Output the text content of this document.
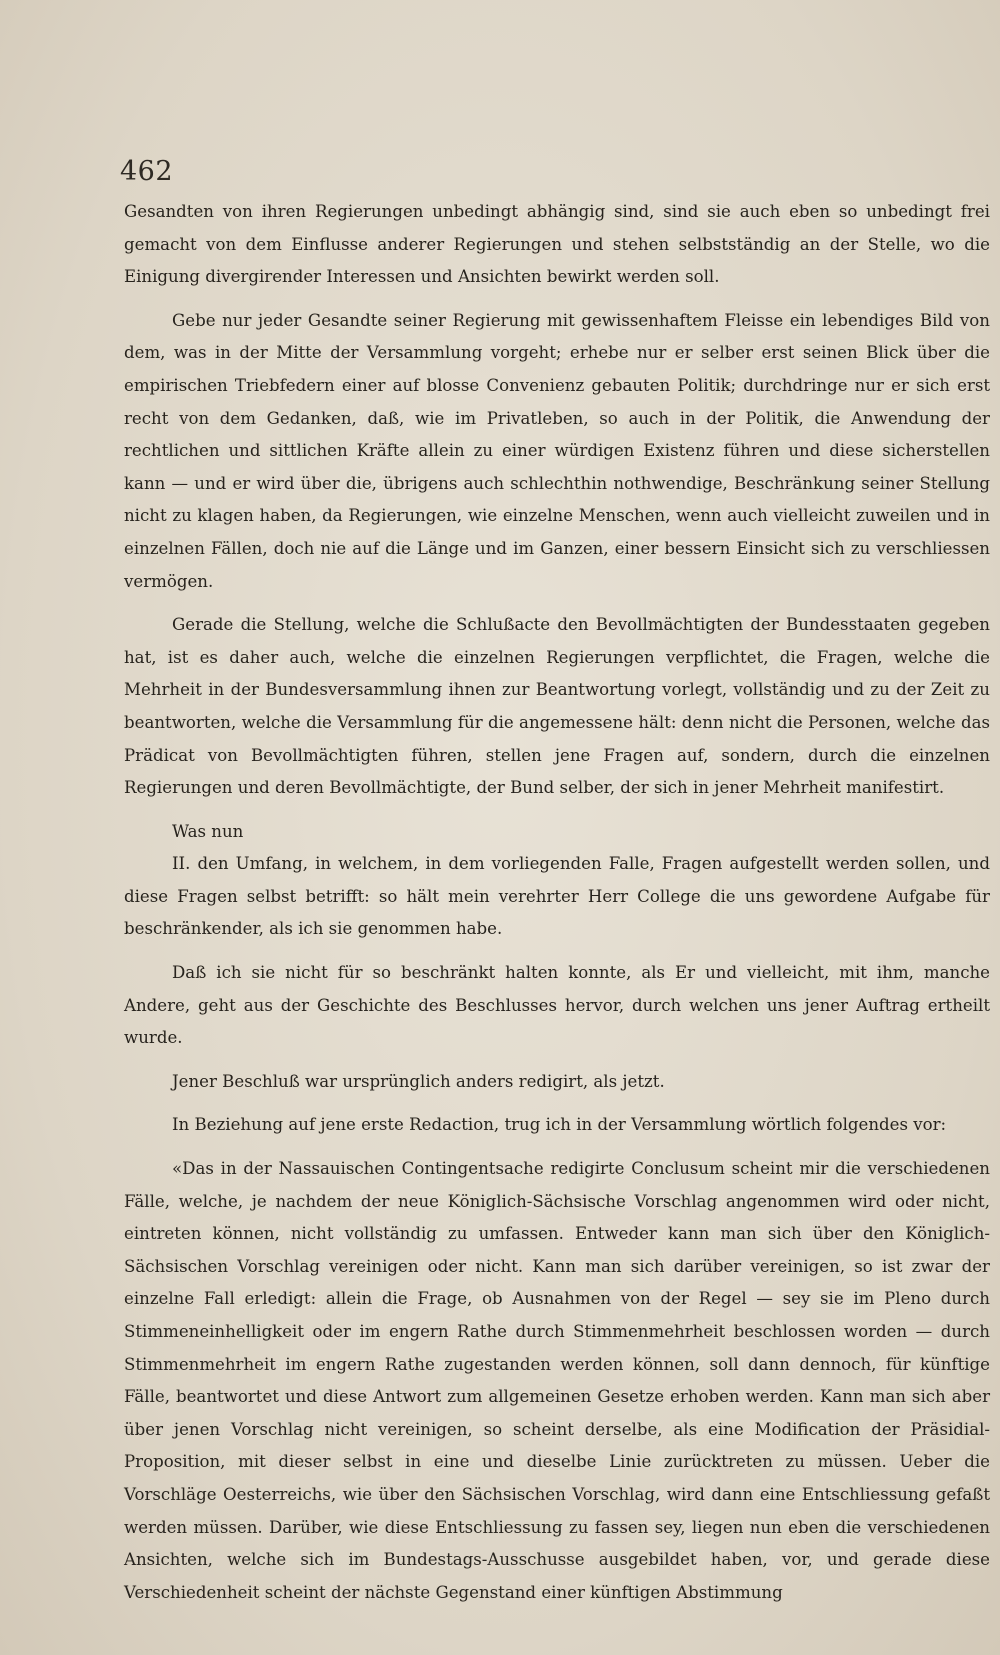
462

Gesandten von ihren Regierungen unbedingt abhängig sind, sind sie auch eben so unbedingt frei gemacht von dem Einflusse anderer Regierungen und stehen selbstständig an der Stelle, wo die Einigung divergirender Interessen und Ansichten bewirkt werden soll.

Gebe nur jeder Gesandte seiner Regierung mit gewissenhaftem Fleisse ein lebendiges Bild von dem, was in der Mitte der Versammlung vorgeht; erhebe nur er selber erst seinen Blick über die empirischen Triebfedern einer auf blosse Convenienz gebauten Politik; durchdringe nur er sich erst recht von dem Gedanken, daß, wie im Privatleben, so auch in der Politik, die Anwendung der rechtlichen und sittlichen Kräfte allein zu einer würdigen Existenz führen und diese sicherstellen kann — und er wird über die, übrigens auch schlechthin nothwendige, Beschränkung seiner Stellung nicht zu klagen haben, da Regierungen, wie einzelne Menschen, wenn auch vielleicht zuweilen und in einzelnen Fällen, doch nie auf die Länge und im Ganzen, einer bessern Einsicht sich zu verschliessen vermögen.

Gerade die Stellung, welche die Schlußacte den Bevollmächtigten der Bundesstaaten gegeben hat, ist es daher auch, welche die einzelnen Regierungen verpflichtet, die Fragen, welche die Mehrheit in der Bundesversammlung ihnen zur Beantwortung vorlegt, vollständig und zu der Zeit zu beantworten, welche die Versammlung für die angemessene hält: denn nicht die Personen, welche das Prädicat von Bevollmächtigten führen, stellen jene Fragen auf, sondern, durch die einzelnen Regierungen und deren Bevollmächtigte, der Bund selber, der sich in jener Mehrheit manifestirt.

Was nun

II. den Umfang, in welchem, in dem vorliegenden Falle, Fragen aufgestellt werden sollen, und diese Fragen selbst betrifft: so hält mein verehrter Herr College die uns gewordene Aufgabe für beschränkender, als ich sie genommen habe.

Daß ich sie nicht für so beschränkt halten konnte, als Er und vielleicht, mit ihm, manche Andere, geht aus der Geschichte des Beschlusses hervor, durch welchen uns jener Auftrag ertheilt wurde.

Jener Beschluß war ursprünglich anders redigirt, als jetzt.

In Beziehung auf jene erste Redaction, trug ich in der Versammlung wörtlich folgendes vor:

«Das in der Nassauischen Contingentsache redigirte Conclusum scheint mir die verschiedenen Fälle, welche, je nachdem der neue Königlich-Sächsische Vorschlag angenommen wird oder nicht, eintreten können, nicht vollständig zu umfassen. Entweder kann man sich über den Königlich-Sächsischen Vorschlag vereinigen oder nicht. Kann man sich darüber vereinigen, so ist zwar der einzelne Fall erledigt: allein die Frage, ob Ausnahmen von der Regel — sey sie im Pleno durch Stimmeneinhelligkeit oder im engern Rathe durch Stimmenmehrheit beschlossen worden — durch Stimmenmehrheit im engern Rathe zugestanden werden können, soll dann dennoch, für künftige Fälle, beantwortet und diese Antwort zum allgemeinen Gesetze erhoben werden. Kann man sich aber über jenen Vorschlag nicht vereinigen, so scheint derselbe, als eine Modification der Präsidial-Proposition, mit dieser selbst in eine und dieselbe Linie zurücktreten zu müssen. Ueber die Vorschläge Oesterreichs, wie über den Sächsischen Vorschlag, wird dann eine Entschliessung gefaßt werden müssen. Darüber, wie diese Entschliessung zu fassen sey, liegen nun eben die verschiedenen Ansichten, welche sich im Bundestags-Ausschusse ausgebildet haben, vor, und gerade diese Verschiedenheit scheint der nächste Gegenstand einer künftigen Abstimmung
